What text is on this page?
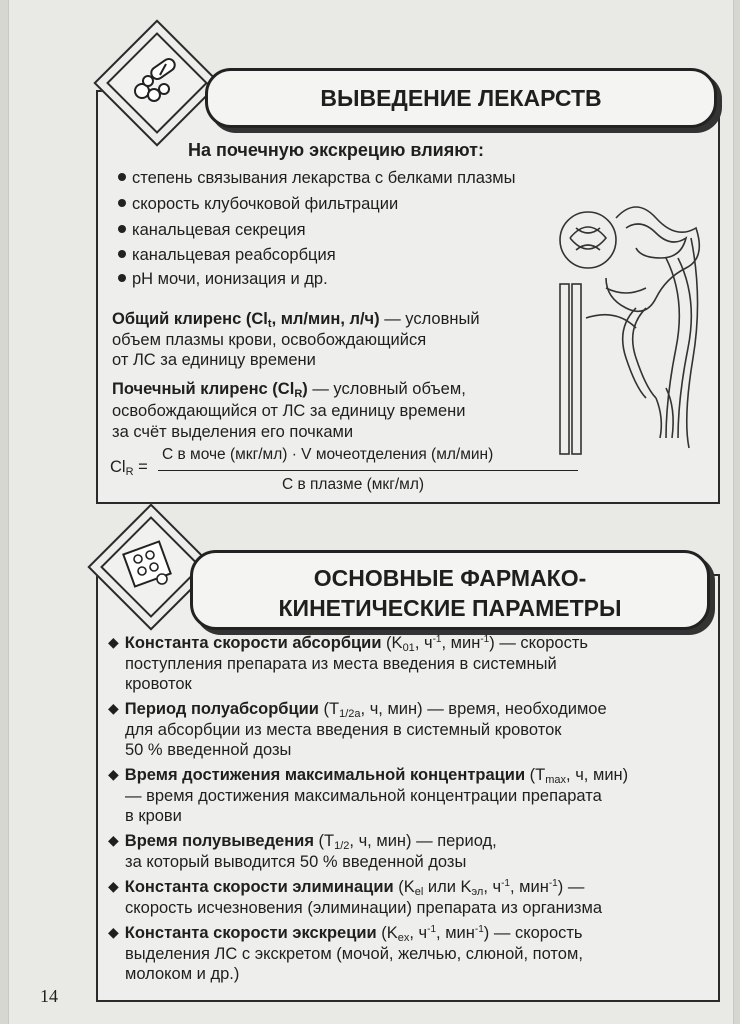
ВЫВЕДЕНИЕ ЛЕКАРСТВ
На почечную экскрецию влияют:
степень связывания лекарства с белками плазмы
скорость клубочковой фильтрации
канальцевая секреция
канальцевая реабсорбция
pH мочи, ионизация и др.
Общий клиренс ($Cl_t$, мл/мин, л/ч) — условный
объем плазмы крови, освобождающийся
от ЛС за единицу времени
Почечный клиренс $(Cl_R)$ — условный объем,
освобождающийся от ЛС за единицу времени
за счёт выделения его почками
$Cl_R$ =
C в моче (мкг/мл) · V мочеотделения (мл/мин)
C в плазме (мкг/мл)
ОСНОВНЫЕ ФАРМАКО-
КИНЕТИЧЕСКИЕ ПАРАМЕТРЫ
◆ Константа скорости абсорбции ($K_{01}$, $ч^{-1}$, мин$^{-1}$) — скорость
поступления препарата из места введения в системный
кровоток
◆ Период полуабсорбции ($T_{1/2a}$, ч, мин) — время, необходимое
для абсорбции из места введения в системный кровоток
50 % введенной дозы
◆ Время достижения максимальной концентрации ($T_{max}$, ч, мин)
— время достижения максимальной концентрации препарата
в крови
◆ Время полувыведения ($T_{1/2}$, ч, мин) — период,
за который выводится 50 % введенной дозы
◆ Константа скорости элиминации ($K_{el}$ или $K_{эл}$, $ч^{-1}$, мин$^{-1}$) —
скорость исчезновения (элиминации) препарата из организма
◆ Константа скорости экскреции ($K_{ex}$, $ч^{-1}$, мин$^{-1}$) — скорость
выделения ЛС с экскретом (мочой, желчью, слюной, потом,
молоком и др.)
14
